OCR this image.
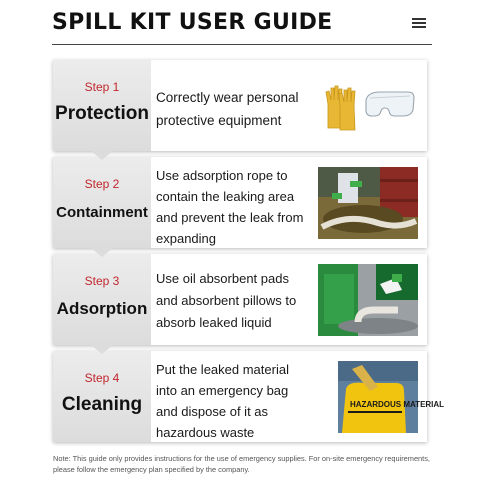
SPILL KIT USER GUIDE
Step 1
Protection
Correctly wear personal protective equipment
Step 2
Containment
Use adsorption rope to contain the leaking area and prevent the leak from expanding
Step 3
Adsorption
Use oil absorbent pads and absorbent pillows to absorb leaked liquid
Step 4
Cleaning
Put the leaked material into an emergency bag and dispose of it as hazardous waste
HAZARDOUS MATERIAL
Note: This guide only provides instructions for the use of emergency supplies. For on-site emergency requirements, please follow the emergency plan specified by the company.
